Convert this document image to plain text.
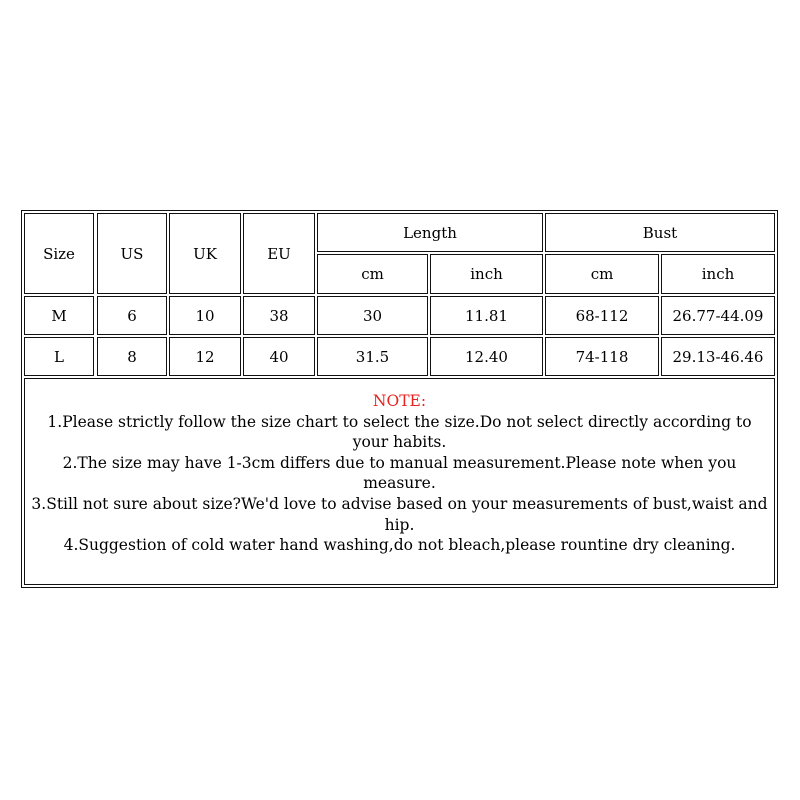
Size	US	UK	EU
Length	Bust
cm	inch	cm	inch
M	6	10	38	30	11.81	68-112	26.77-44.09
L	8	12	40	31.5	12.40	74-118	29.13-46.46
NOTE:
1.Please strictly follow the size chart to select the size.Do not select directly according to your habits.
2.The size may have 1-3cm differs due to manual measurement.Please note when you measure.
3.Still not sure about size?We'd love to advise based on your measurements of bust,waist and hip.
4.Suggestion of cold water hand washing,do not bleach,please rountine dry cleaning.
